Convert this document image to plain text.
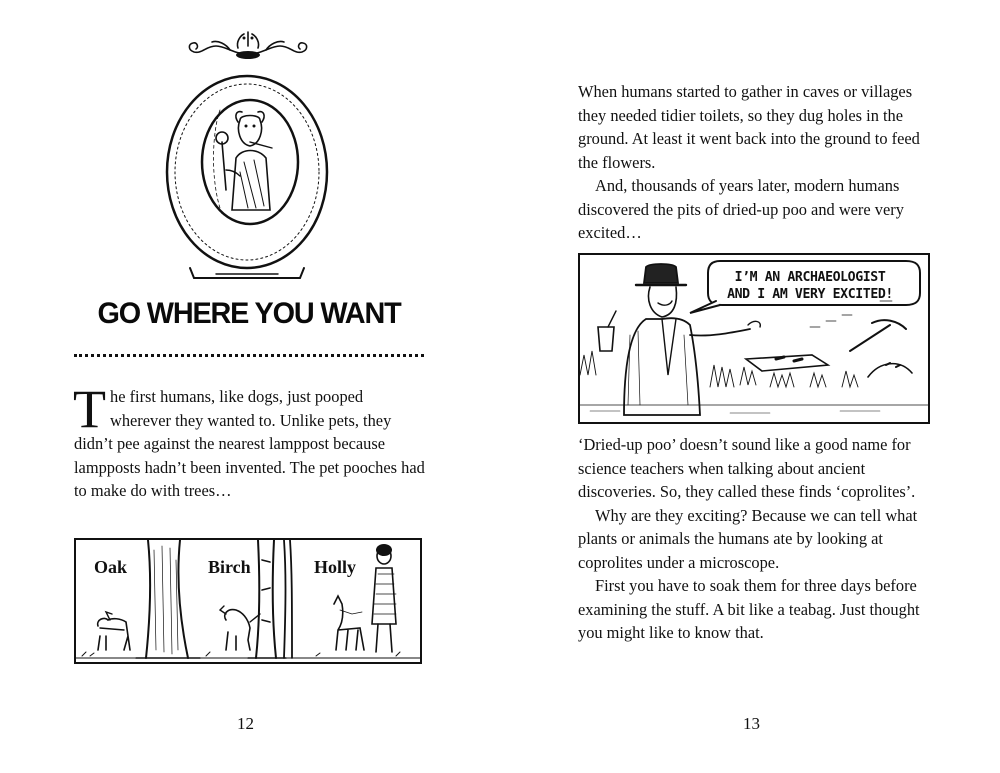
GO WHERE YOU WANT

The first humans, like dogs, just pooped wherever they wanted to. Unlike pets, they didn’t pee against the nearest lamppost because lampposts hadn’t been invented. The pet pooches had to make do with trees…

Oak	Birch	Holly
12

When humans started to gather in caves or villages they needed tidier toilets, so they dug holes in the ground. At least it went back into the ground to feed the flowers.

And, thousands of years later, modern humans discovered the pits of dried-up poo and were very excited…

I’M AN ARCHAEOLOGIST
AND I AM VERY EXCITED!

‘Dried-up poo’ doesn’t sound like a good name for science teachers when talking about ancient discoveries. So, they called these finds ‘coprolites’.

Why are they exciting? Because we can tell what plants or animals the humans ate by looking at coprolites under a microscope.

First you have to soak them for three days before examining the stuff. A bit like a teabag. Just thought you might like to know that.

13
